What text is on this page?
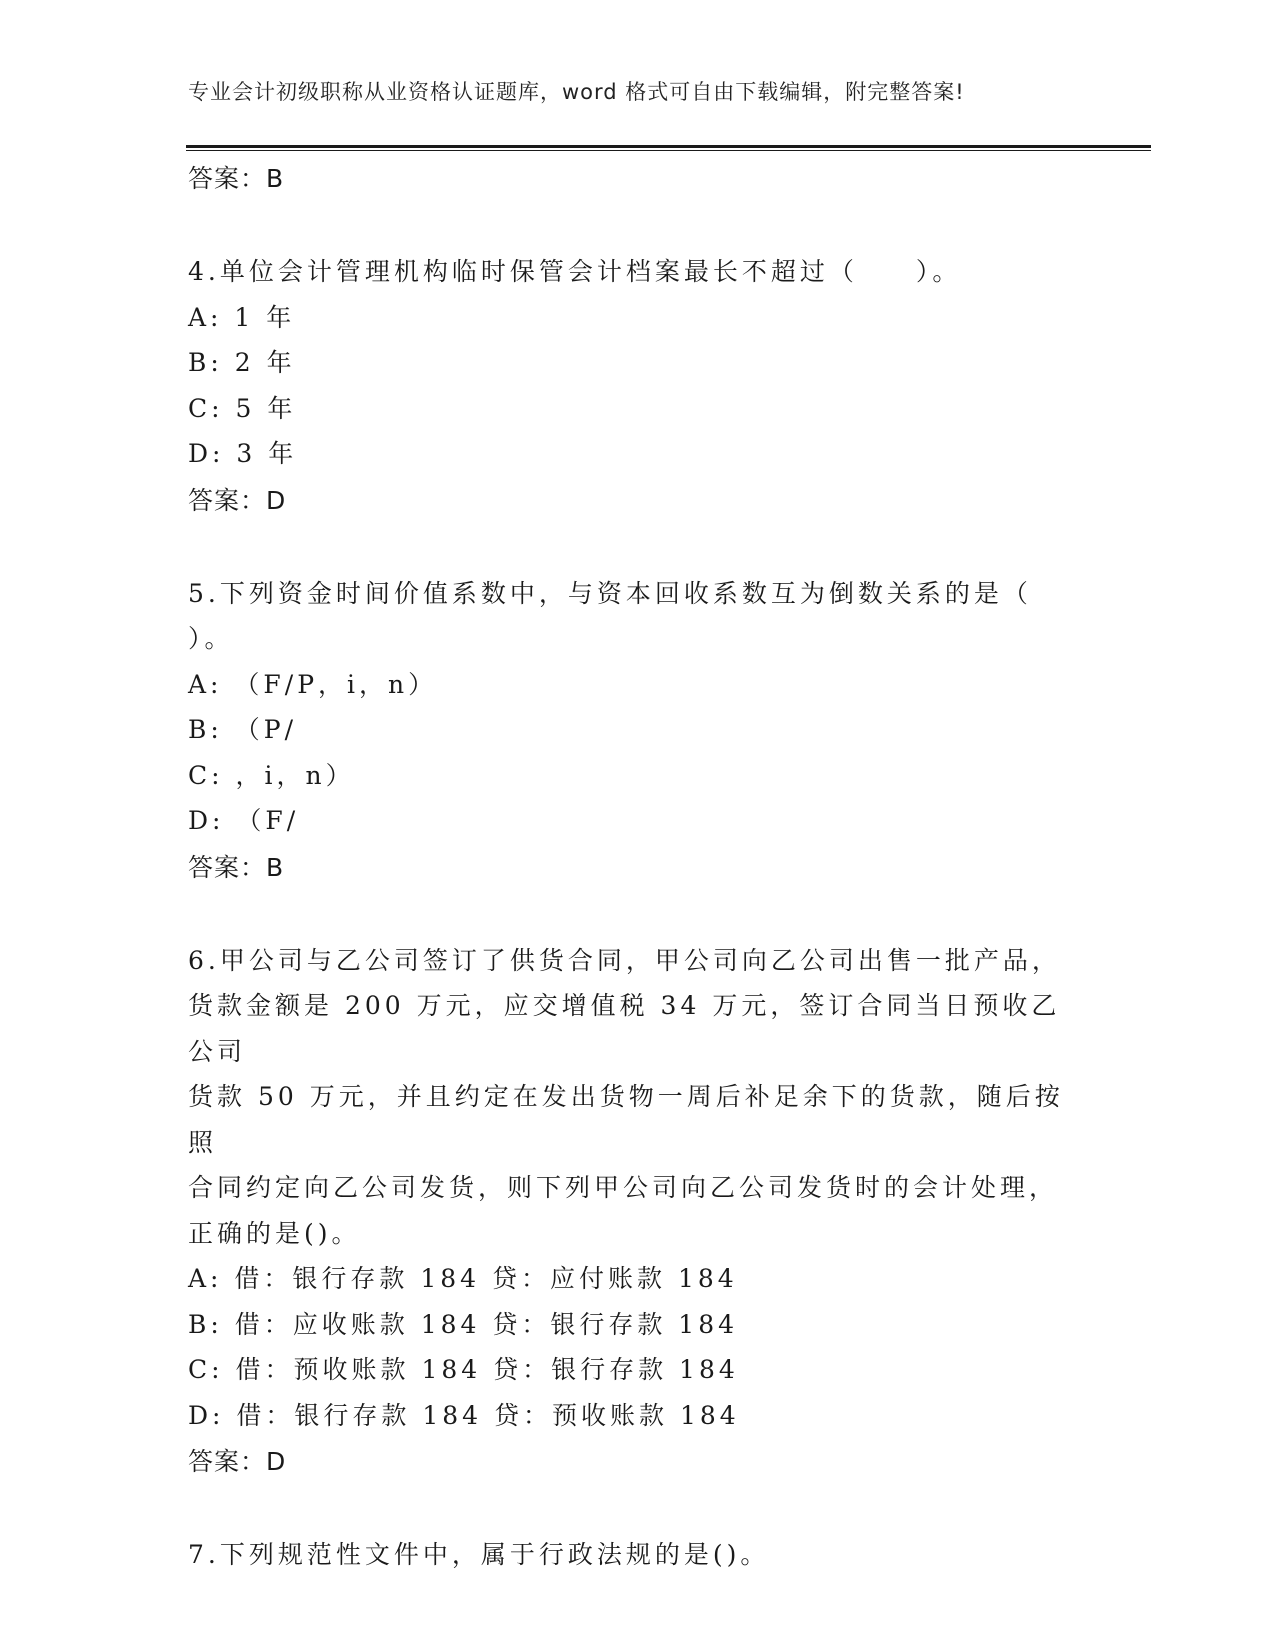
专业会计初级职称从业资格认证题库，word 格式可自由下载编辑，附完整答案!
答案：B
4.单位会计管理机构临时保管会计档案最长不超过（　　）。
A: 1 年
B: 2 年
C: 5 年
D: 3 年
答案：D
5.下列资金时间价值系数中，与资本回收系数互为倒数关系的是（
）。
A: （F/P，i，n）
B: （P/
C: ，i，n）
D: （F/
答案：B
6.甲公司与乙公司签订了供货合同，甲公司向乙公司出售一批产品，
货款金额是 200 万元，应交增值税 34 万元，签订合同当日预收乙公司
货款 50 万元，并且约定在发出货物一周后补足余下的货款，随后按照
合同约定向乙公司发货，则下列甲公司向乙公司发货时的会计处理，
正确的是()。
A: 借：银行存款 184 贷：应付账款 184
B: 借：应收账款 184 贷：银行存款 184
C: 借：预收账款 184 贷：银行存款 184
D: 借：银行存款 184 贷：预收账款 184
答案：D
7.下列规范性文件中，属于行政法规的是()。
